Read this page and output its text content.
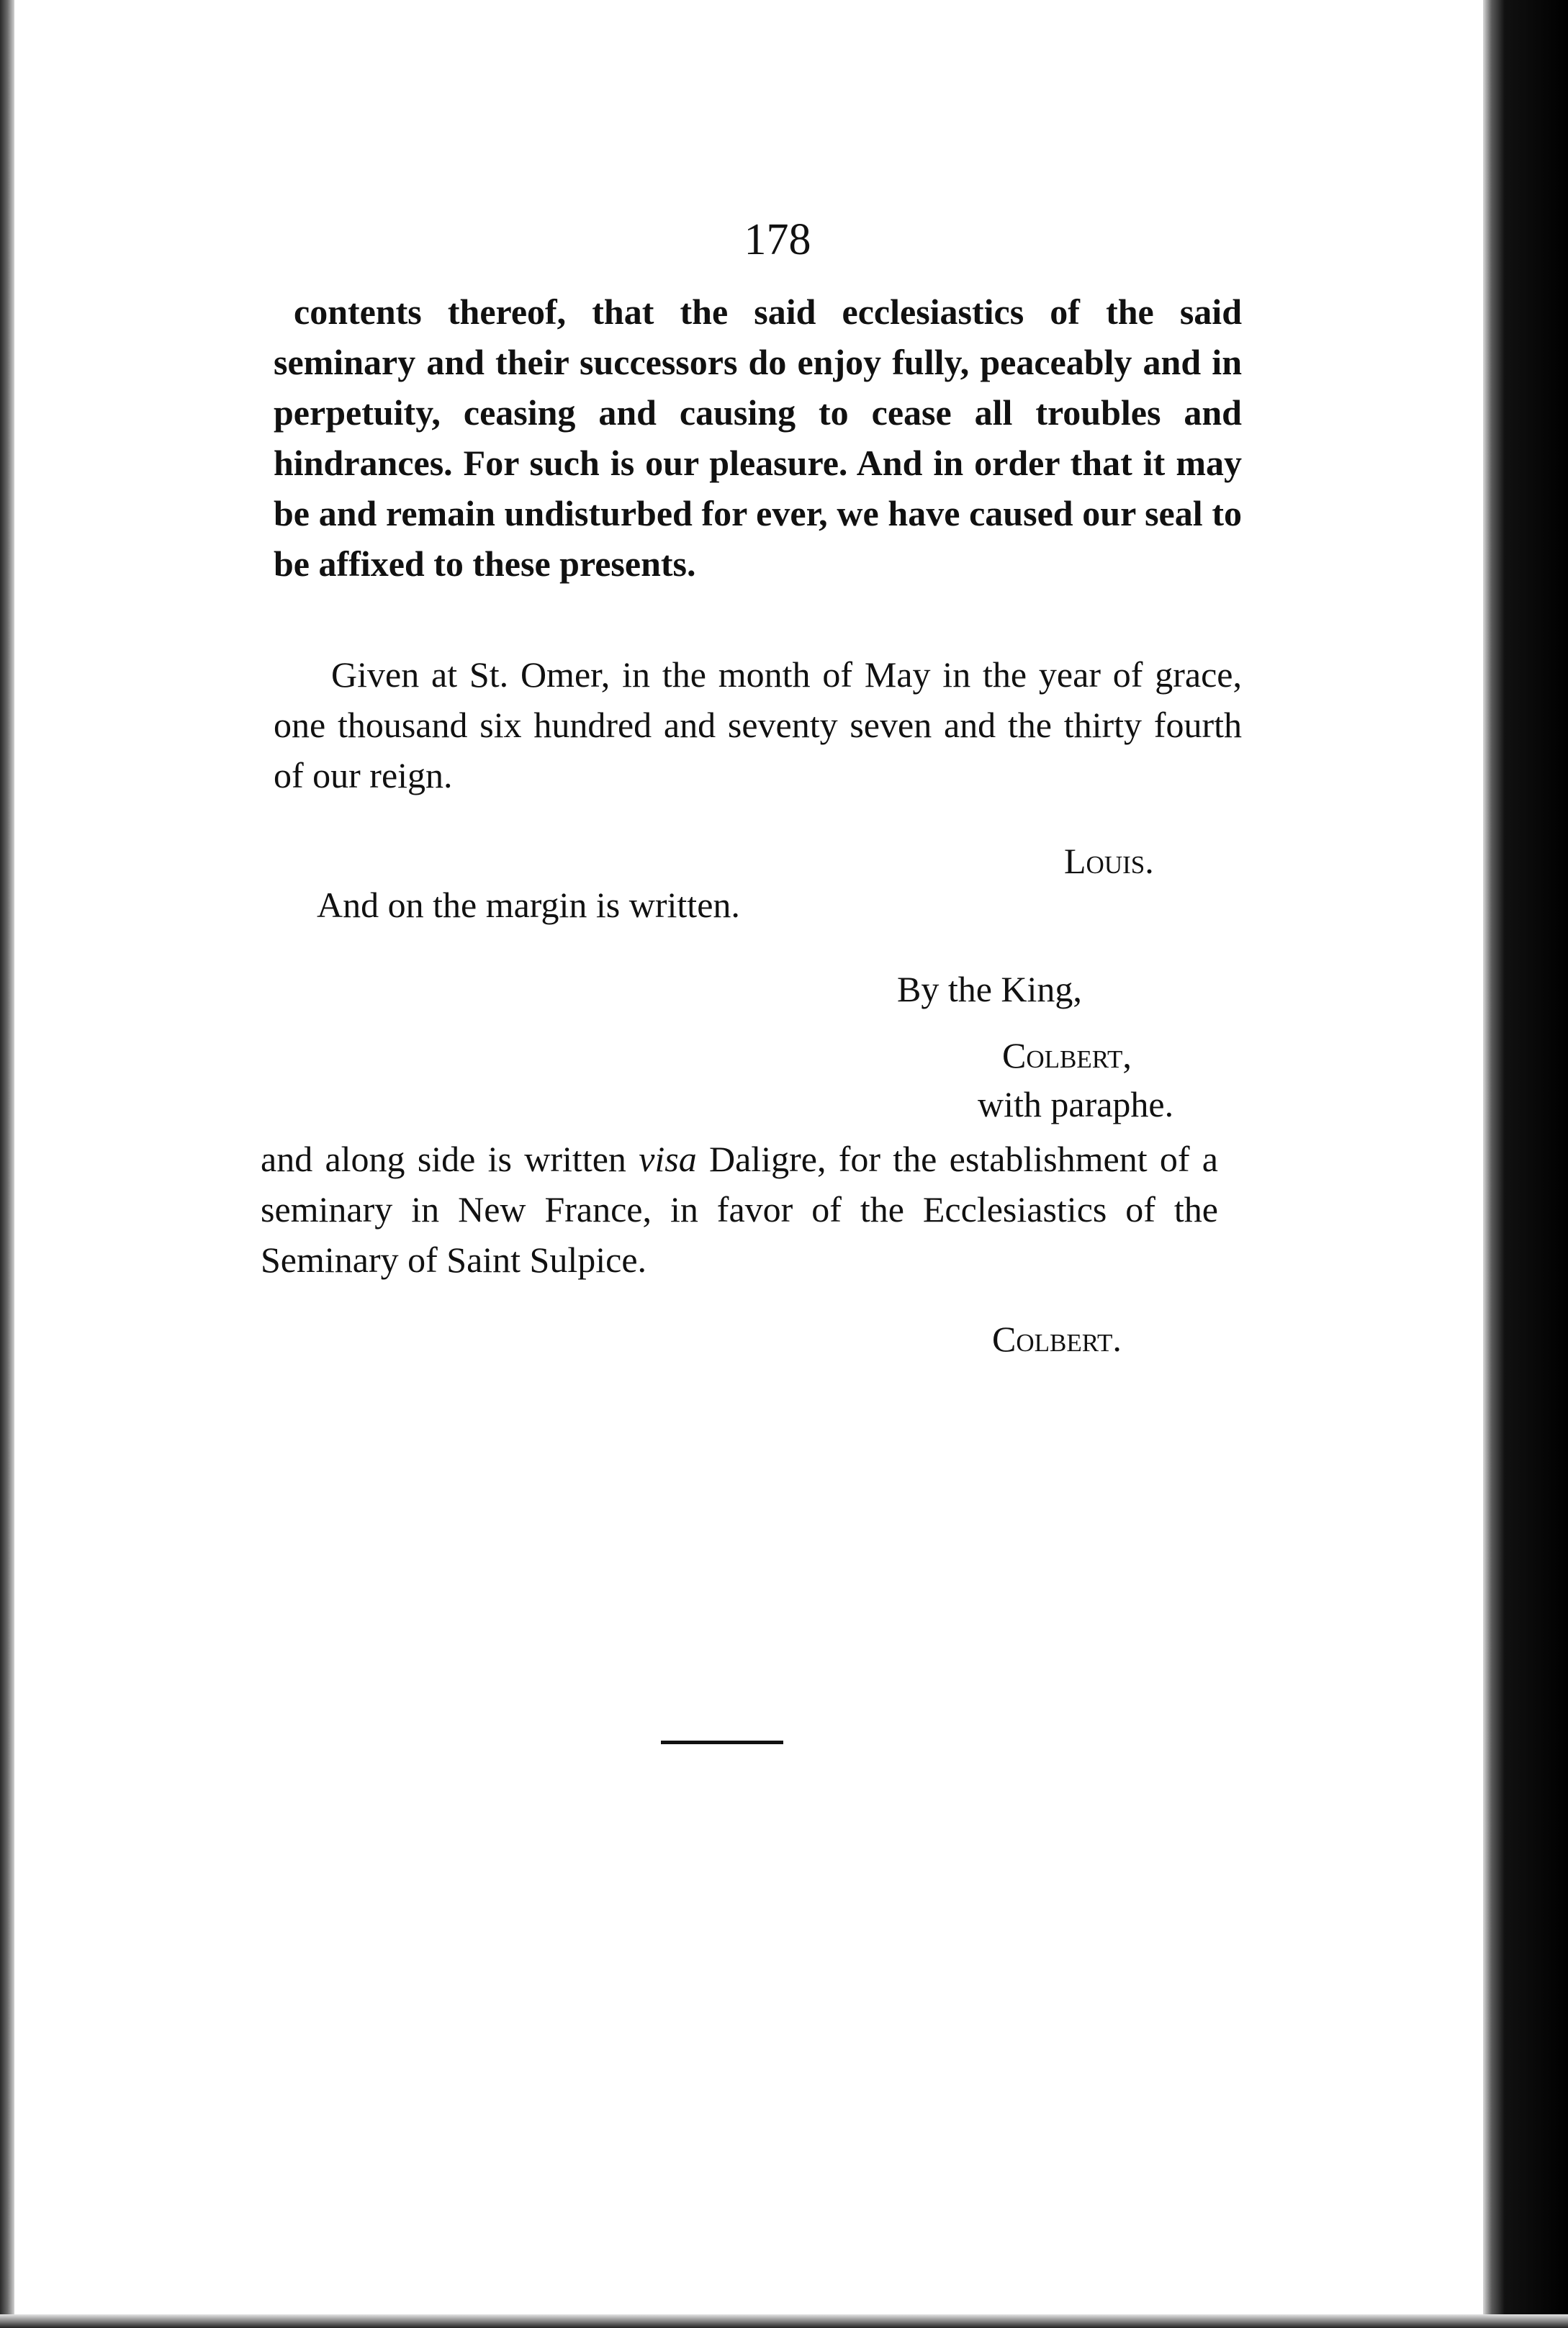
178

contents thereof, that the said ecclesiastics of the said seminary and their successors do enjoy fully, peaceably and in perpetuity, ceasing and causing to cease all troubles and hindrances. For such is our pleasure. And in order that it may be and remain undisturbed for ever, we have caused our seal to be affixed to these presents.

Given at St. Omer, in the month of May in the year of grace, one thousand six hundred and seventy seven and the thirty fourth of our reign.

Louis.

And on the margin is written.

By the King,
Colbert,
with paraphe.

and along side is written visa Daligre, for the establishment of a seminary in New France, in favor of the Ecclesiastics of the Seminary of Saint Sulpice.

Colbert.
